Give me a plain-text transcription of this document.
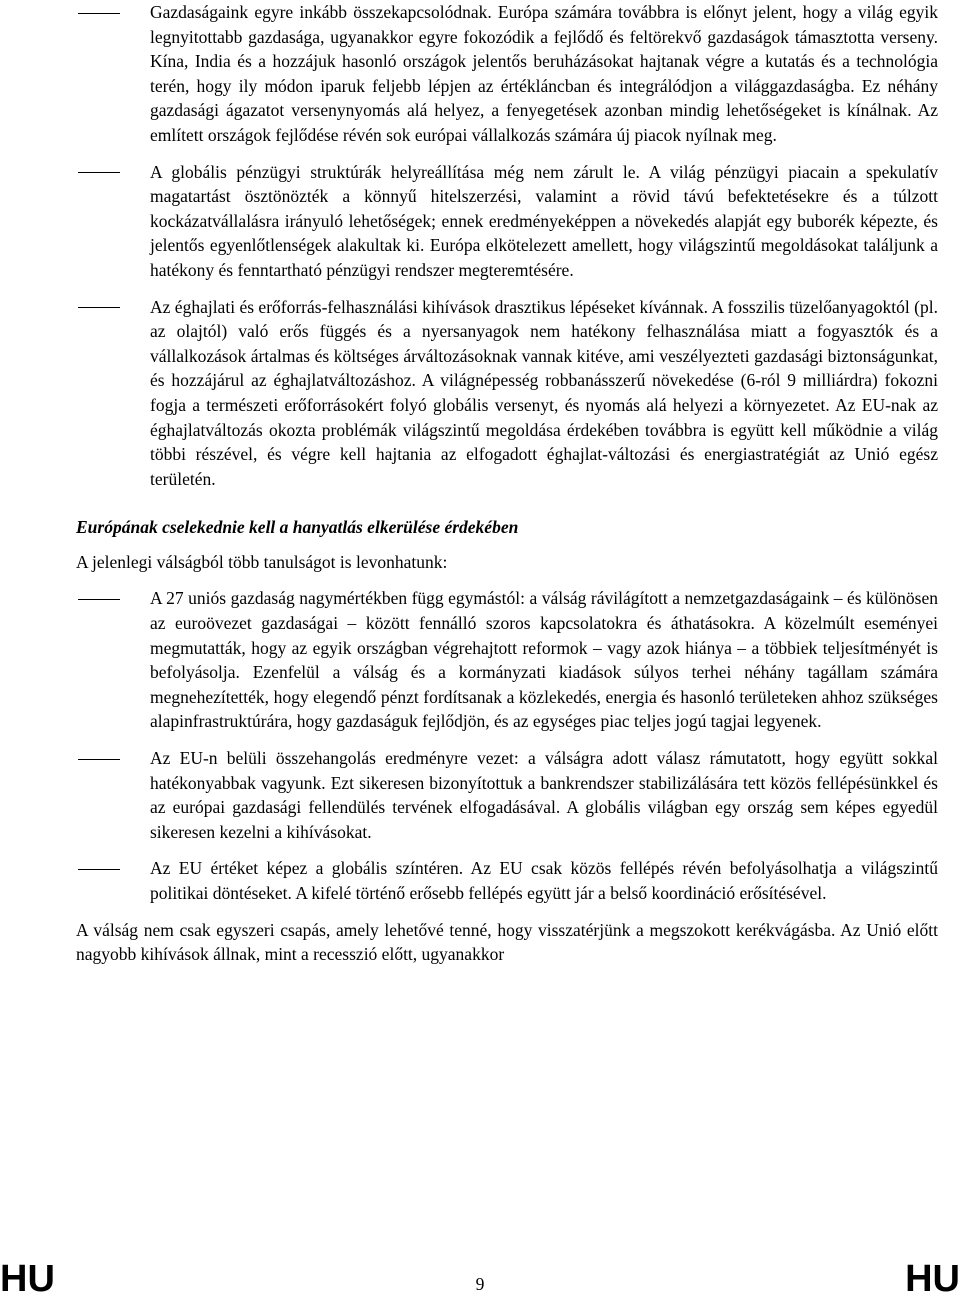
Gazdaságaink egyre inkább összekapcsolódnak. Európa számára továbbra is előnyt jelent, hogy a világ egyik legnyitottabb gazdasága, ugyanakkor egyre fokozódik a fejlődő és feltörekvő gazdaságok támasztotta verseny. Kína, India és a hozzájuk hasonló országok jelentős beruházásokat hajtanak végre a kutatás és a technológia terén, hogy ily módon iparuk feljebb lépjen az értékláncban és integrálódjon a világgazdaságba. Ez néhány gazdasági ágazatot versenynyomás alá helyez, a fenyegetések azonban mindig lehetőségeket is kínálnak. Az említett országok fejlődése révén sok európai vállalkozás számára új piacok nyílnak meg.
A globális pénzügyi struktúrák helyreállítása még nem zárult le. A világ pénzügyi piacain a spekulatív magatartást ösztönözték a könnyű hitelszerzési, valamint a rövid távú befektetésekre és a túlzott kockázatvállalásra irányuló lehetőségek; ennek eredményeképpen a növekedés alapját egy buborék képezte, és jelentős egyenlőtlenségek alakultak ki. Európa elkötelezett amellett, hogy világszintű megoldásokat találjunk a hatékony és fenntartható pénzügyi rendszer megteremtésére.
Az éghajlati és erőforrás-felhasználási kihívások drasztikus lépéseket kívánnak. A fosszilis tüzelőanyagoktól (pl. az olajtól) való erős függés és a nyersanyagok nem hatékony felhasználása miatt a fogyasztók és a vállalkozások ártalmas és költséges árváltozásoknak vannak kitéve, ami veszélyezteti gazdasági biztonságunkat, és hozzájárul az éghajlatváltozáshoz. A világnépesség robbanásszerű növekedése (6-ról 9 milliárdra) fokozni fogja a természeti erőforrásokért folyó globális versenyt, és nyomás alá helyezi a környezetet. Az EU-nak az éghajlatváltozás okozta problémák világszintű megoldása érdekében továbbra is együtt kell működnie a világ többi részével, és végre kell hajtania az elfogadott éghajlat-változási és energiastratégiát az Unió egész területén.
Európának cselekednie kell a hanyatlás elkerülése érdekében
A jelenlegi válságból több tanulságot is levonhatunk:
A 27 uniós gazdaság nagymértékben függ egymástól: a válság rávilágított a nemzetgazdaságaink – és különösen az euroövezet gazdaságai – között fennálló szoros kapcsolatokra és áthatásokra. A közelmúlt eseményei megmutatták, hogy az egyik országban végrehajtott reformok – vagy azok hiánya – a többiek teljesítményét is befolyásolja. Ezenfelül a válság és a kormányzati kiadások súlyos terhei néhány tagállam számára megnehezítették, hogy elegendő pénzt fordítsanak a közlekedés, energia és hasonló területeken ahhoz szükséges alapinfrastruktúrára, hogy gazdaságuk fejlődjön, és az egységes piac teljes jogú tagjai legyenek.
Az EU-n belüli összehangolás eredményre vezet: a válságra adott válasz rámutatott, hogy együtt sokkal hatékonyabbak vagyunk. Ezt sikeresen bizonyítottuk a bankrendszer stabilizálására tett közös fellépésünkkel és az európai gazdasági fellendülés tervének elfogadásával. A globális világban egy ország sem képes egyedül sikeresen kezelni a kihívásokat.
Az EU értéket képez a globális színtéren. Az EU csak közös fellépés révén befolyásolhatja a világszintű politikai döntéseket. A kifelé történő erősebb fellépés együtt jár a belső koordináció erősítésével.
A válság nem csak egyszeri csapás, amely lehetővé tenné, hogy visszatérjünk a megszokott kerékvágásba. Az Unió előtt nagyobb kihívások állnak, mint a recesszió előtt, ugyanakkor
HU	9	HU
